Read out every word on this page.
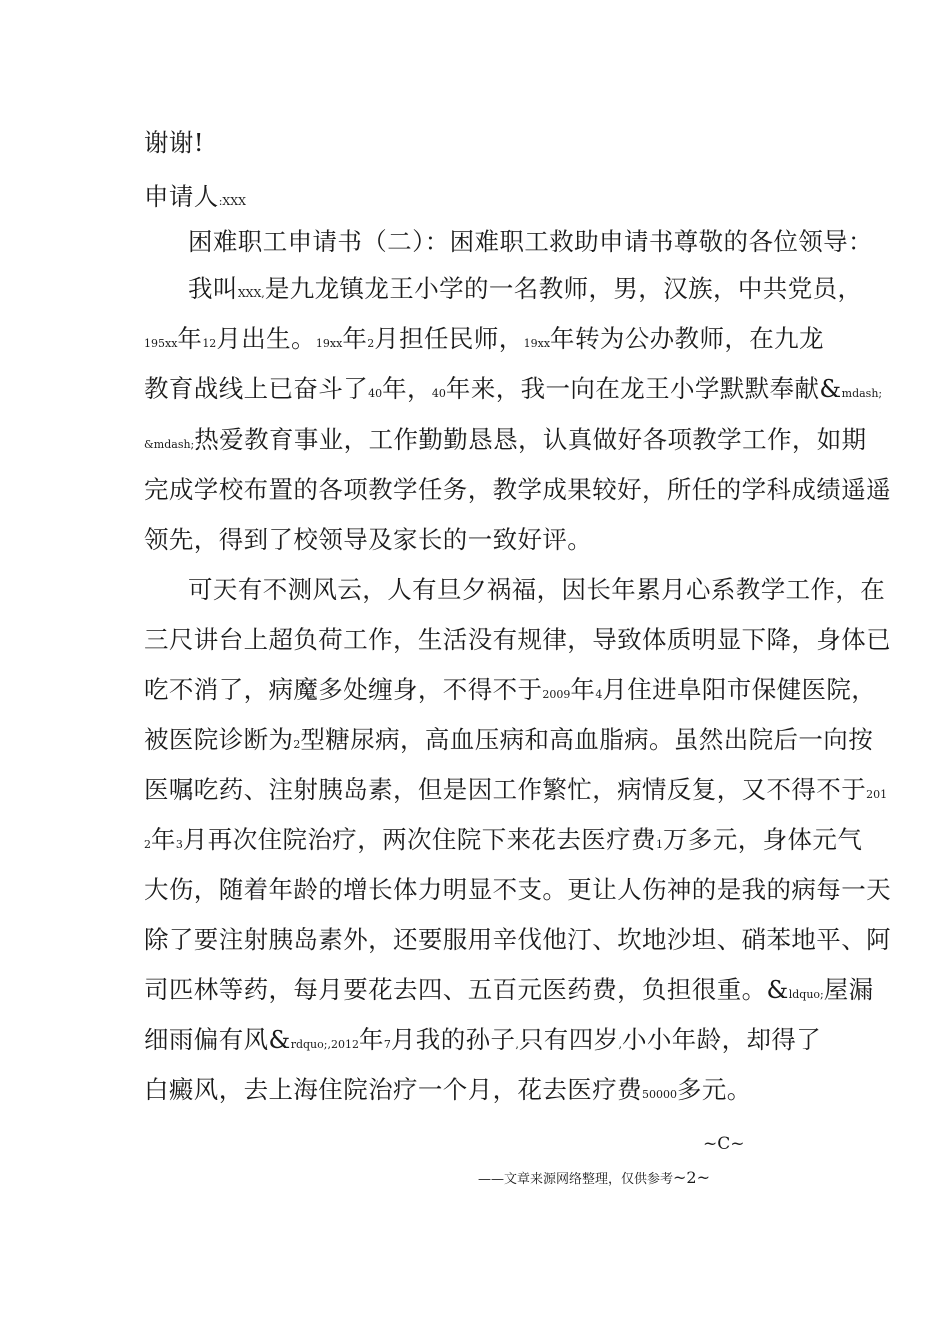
谢谢!
申请人:XXX
困难职工申请书（二）：困难职工救助申请书尊敬的各位领导：
我叫XXX,是九龙镇龙王小学的一名教师，男，汉族，中共党员，
195xx年12月出生。19xx年2月担任民师，19xx年转为公办教师，在九龙
教育战线上已奋斗了40年，40年来，我一向在龙王小学默默奉献&mdash;
&mdash;热爱教育事业，工作勤勤恳恳，认真做好各项教学工作，如期
完成学校布置的各项教学任务，教学成果较好，所任的学科成绩遥遥
领先，得到了校领导及家长的一致好评。
可天有不测风云，人有旦夕祸福，因长年累月心系教学工作，在
三尺讲台上超负荷工作，生活没有规律，导致体质明显下降，身体已
吃不消了，病魔多处缠身，不得不于2009年4月住进阜阳市保健医院，
被医院诊断为2型糖尿病，高血压病和高血脂病。虽然出院后一向按
医嘱吃药、注射胰岛素，但是因工作繁忙，病情反复，又不得不于201
2年3月再次住院治疗，两次住院下来花去医疗费1万多元，身体元气
大伤，随着年龄的增长体力明显不支。更让人伤神的是我的病每一天
除了要注射胰岛素外，还要服用辛伐他汀、坎地沙坦、硝苯地平、阿
司匹林等药，每月要花去四、五百元医药费，负担很重。&ldquo;屋漏
细雨偏有风&rdquo;,2012年7月我的孙子,只有四岁,小小年龄，却得了
白癜风，去上海住院治疗一个月，花去医疗费50000多元。
~C~
——文章来源网络整理，仅供参考~2~
